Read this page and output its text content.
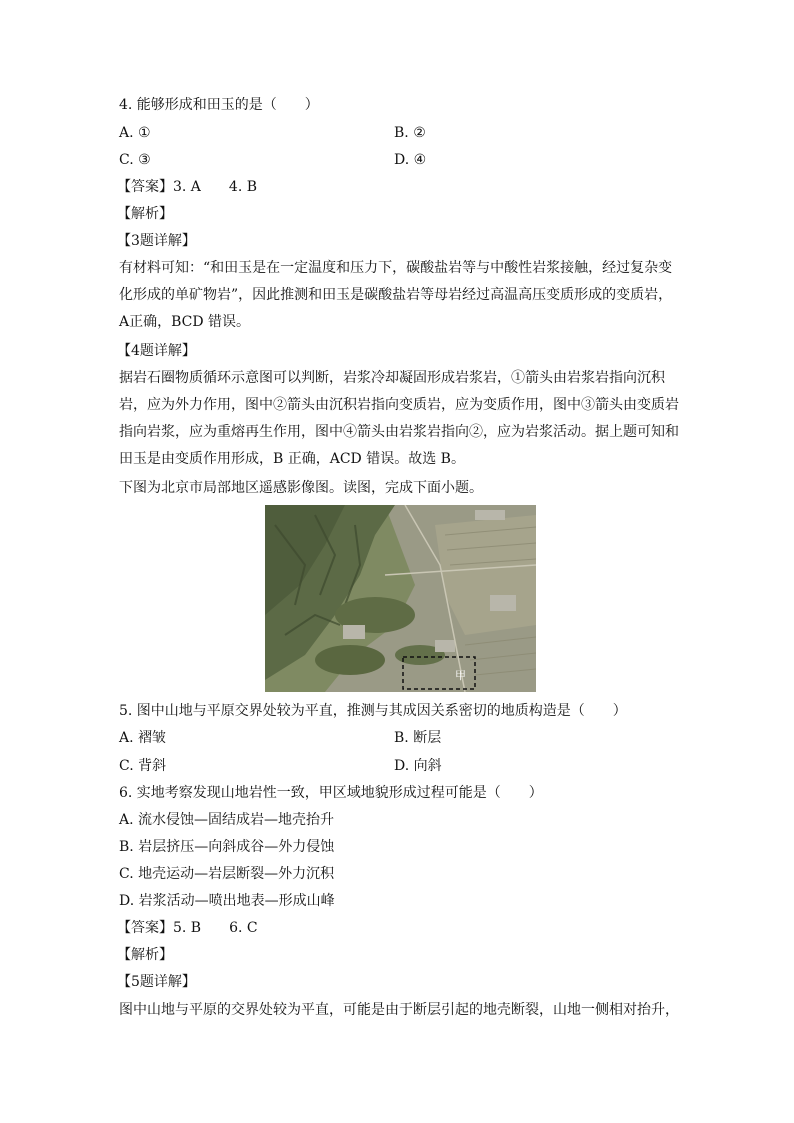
4. 能够形成和田玉的是（　　）
A. ①	B. ②
C. ③	D. ④
【答案】3. A　　4. B
【解析】
【3题详解】
有材料可知：“和田玉是在一定温度和压力下，碳酸盐岩等与中酸性岩浆接触，经过复杂变化形成的单矿物岩”，因此推测和田玉是碳酸盐岩等母岩经过高温高压变质形成的变质岩，A正确，BCD 错误。
【4题详解】
据岩石圈物质循环示意图可以判断，岩浆冷却凝固形成岩浆岩，①箭头由岩浆岩指向沉积岩，应为外力作用，图中②箭头由沉积岩指向变质岩，应为变质作用，图中③箭头由变质岩指向岩浆，应为重熔再生作用，图中④箭头由岩浆岩指向②，应为岩浆活动。据上题可知和田玉是由变质作用形成，B 正确，ACD 错误。故选 B。
下图为北京市局部地区遥感影像图。读图，完成下面小题。
甲
5. 图中山地与平原交界处较为平直，推测与其成因关系密切的地质构造是（　　）
A. 褶皱	B. 断层
C. 背斜	D. 向斜
6. 实地考察发现山地岩性一致，甲区域地貌形成过程可能是（　　）
A. 流水侵蚀—固结成岩—地壳抬升
B. 岩层挤压—向斜成谷—外力侵蚀
C. 地壳运动—岩层断裂—外力沉积
D. 岩浆活动—喷出地表—形成山峰
【答案】5. B　　6. C
【解析】
【5题详解】
图中山地与平原的交界处较为平直，可能是由于断层引起的地壳断裂，山地一侧相对抬升，
